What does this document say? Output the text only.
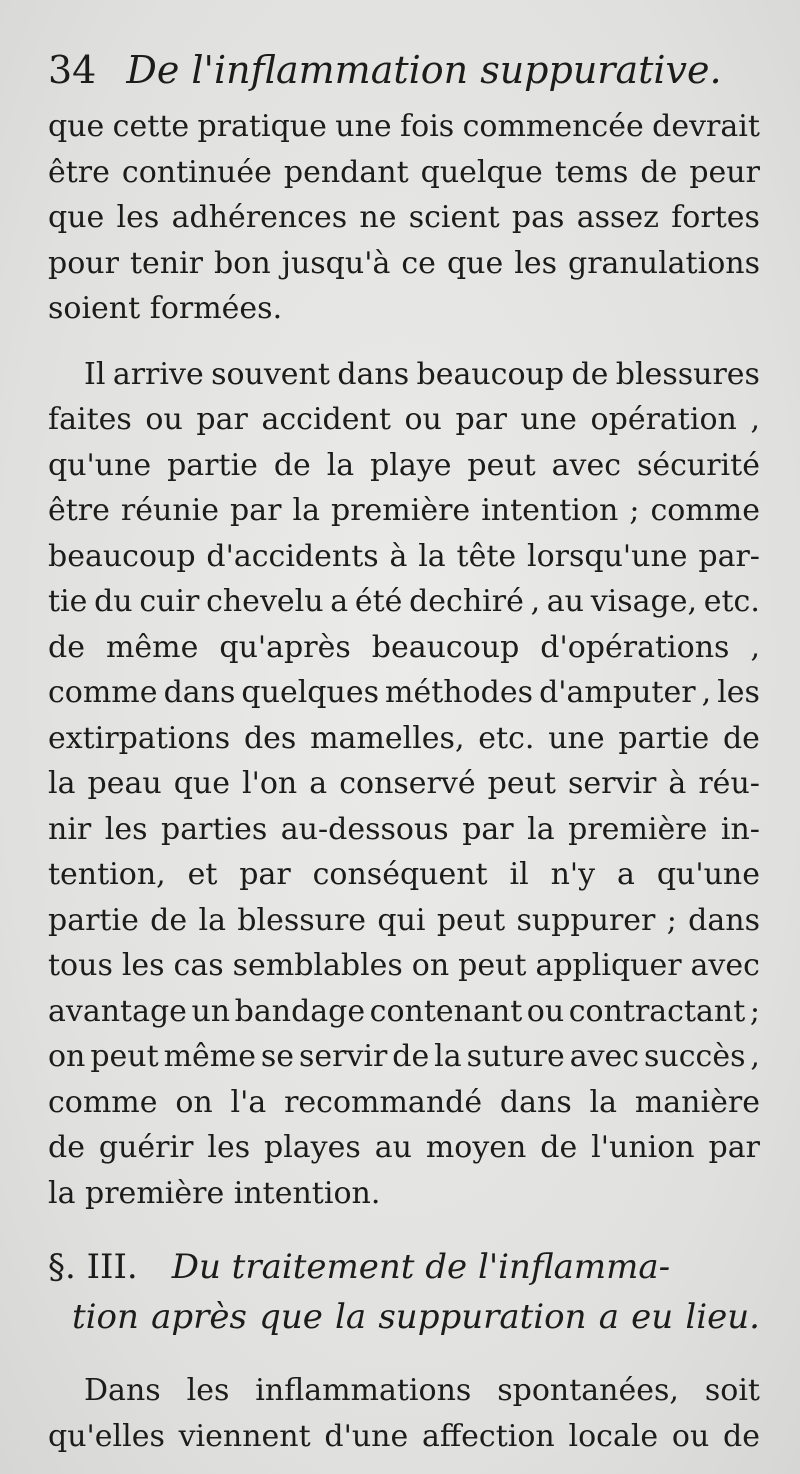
34 De l'inflammation suppurative.
que cette pratique une fois commencée devrait
être continuée pendant quelque tems de peur
que les adhérences ne scient pas assez fortes
pour tenir bon jusqu'à ce que les granulations
soient formées.
Il arrive souvent dans beaucoup de blessures
faites ou par accident ou par une opération ,
qu'une partie de la playe peut avec sécurité
être réunie par la première intention ; comme
beaucoup d'accidents à la tête lorsqu'une par-
tie du cuir chevelu a été dechiré , au visage, etc.
de même qu'après beaucoup d'opérations ,
comme dans quelques méthodes d'amputer , les
extirpations des mamelles, etc. une partie de
la peau que l'on a conservé peut servir à réu-
nir les parties au-dessous par la première in-
tention, et par conséquent il n'y a qu'une
partie de la blessure qui peut suppurer ; dans
tous les cas semblables on peut appliquer avec
avantage un bandage contenant ou contractant ;
on peut même se servir de la suture avec succès ,
comme on l'a recommandé dans la manière
de guérir les playes au moyen de l'union par
la première intention.
§. III. Du traitement de l'inflamma-
tion après que la suppuration a eu lieu.
Dans les inflammations spontanées, soit
qu'elles viennent d'une affection locale ou de
